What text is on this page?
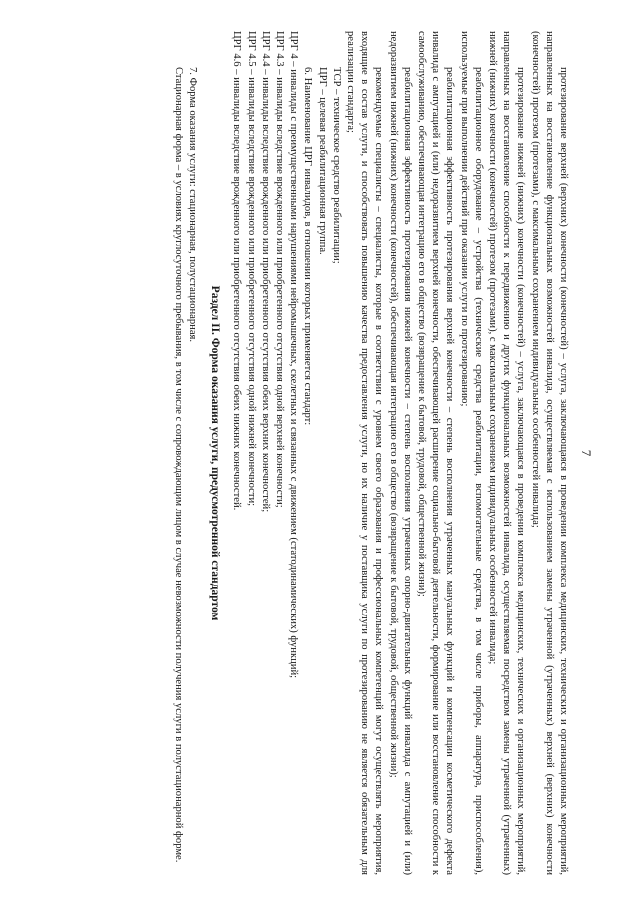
7

протезирование верхней (верхних) конечности (конечностей) – услуга, заключающаяся в проведении комплекса медицинских, технических и организационных мероприятий, направленных на восстановление функциональных возможностей инвалида, осуществляемая с использованием замены утраченной (утраченных) верхней (верхних) конечности (конечностей) протезом (протезами), с максимальным сохранением индивидуальных особенностей инвалида;

протезирование нижней (нижних) конечности (конечностей) – услуга, заключающаяся в проведении комплекса медицинских, технических и организационных мероприятий, направленных на восстановление способности к передвижению и других функциональных возможностей инвалида, осуществляемая посредством замены утраченной (утраченных) нижней (нижних) конечности (конечностей) протезом (протезами), с максимальным сохранением индивидуальных особенностей инвалида;

реабилитационное оборудование – устройства (технические средства реабилитации, вспомогательные средства, в том числе приборы, аппаратура, приспособления), используемые при выполнении действий при оказании услуги по протезированию;

реабилитационная эффективность протезирования верхней конечности – степень восполнения утраченных мануальных функций и компенсации косметического дефекта инвалида с ампутацией и (или) недоразвитием верхней конечности, обеспечивающей расширение социально-бытовой деятельности, формирование или восстановление способности к самообслуживанию, обеспечивающая интеграцию его в общество (возвращение к бытовой, трудовой, общественной жизни);

реабилитационная эффективность протезирования нижней конечности – степень восполнения утраченных опорно-двигательных функций инвалида с ампутацией и (или) недоразвитием нижней (нижних) конечности (конечностей), обеспечивающая интеграцию его в общество (возвращение к бытовой, трудовой, общественной жизни);

рекомендуемые специалисты – специалисты, которые в соответствии с уровнем своего образования и профессиональных компетенций могут осуществлять мероприятия, входящие в состав услуги, и способствовать повышению качества предоставления услуги, но их наличие у поставщика услуги по протезированию не является обязательным для реализации стандарта;

ТСР – техническое средство реабилитации;

ЦРГ – целевая реабилитационная группа.

6. Наименование ЦРГ инвалидов, в отношении которых применяется стандарт:

ЦРГ 4 – инвалиды с преимущественными нарушениями нейромышечных, скелетных и связанных с движением (статодинамических) функций;

ЦРГ 4.3 – инвалиды вследствие врожденного или приобретенного отсутствия одной верхней конечности;

ЦРГ 4.4 – инвалиды вследствие врожденного или приобретенного отсутствия обеих верхних конечностей;

ЦРГ 4.5 – инвалиды вследствие врожденного или приобретенного отсутствия одной нижней конечности;

ЦРГ 4.6 – инвалиды вследствие врожденного или приобретенного отсутствия обеих нижних конечностей.

Раздел II. Форма оказания услуги, предусмотренной стандартом

7. Форма оказания услуги: стационарная, полустационарная.

Стационарная форма – в условиях круглосуточного пребывания, в том числе с сопровождающим лицом в случае невозможности получения услуги в полустационарной форме.
